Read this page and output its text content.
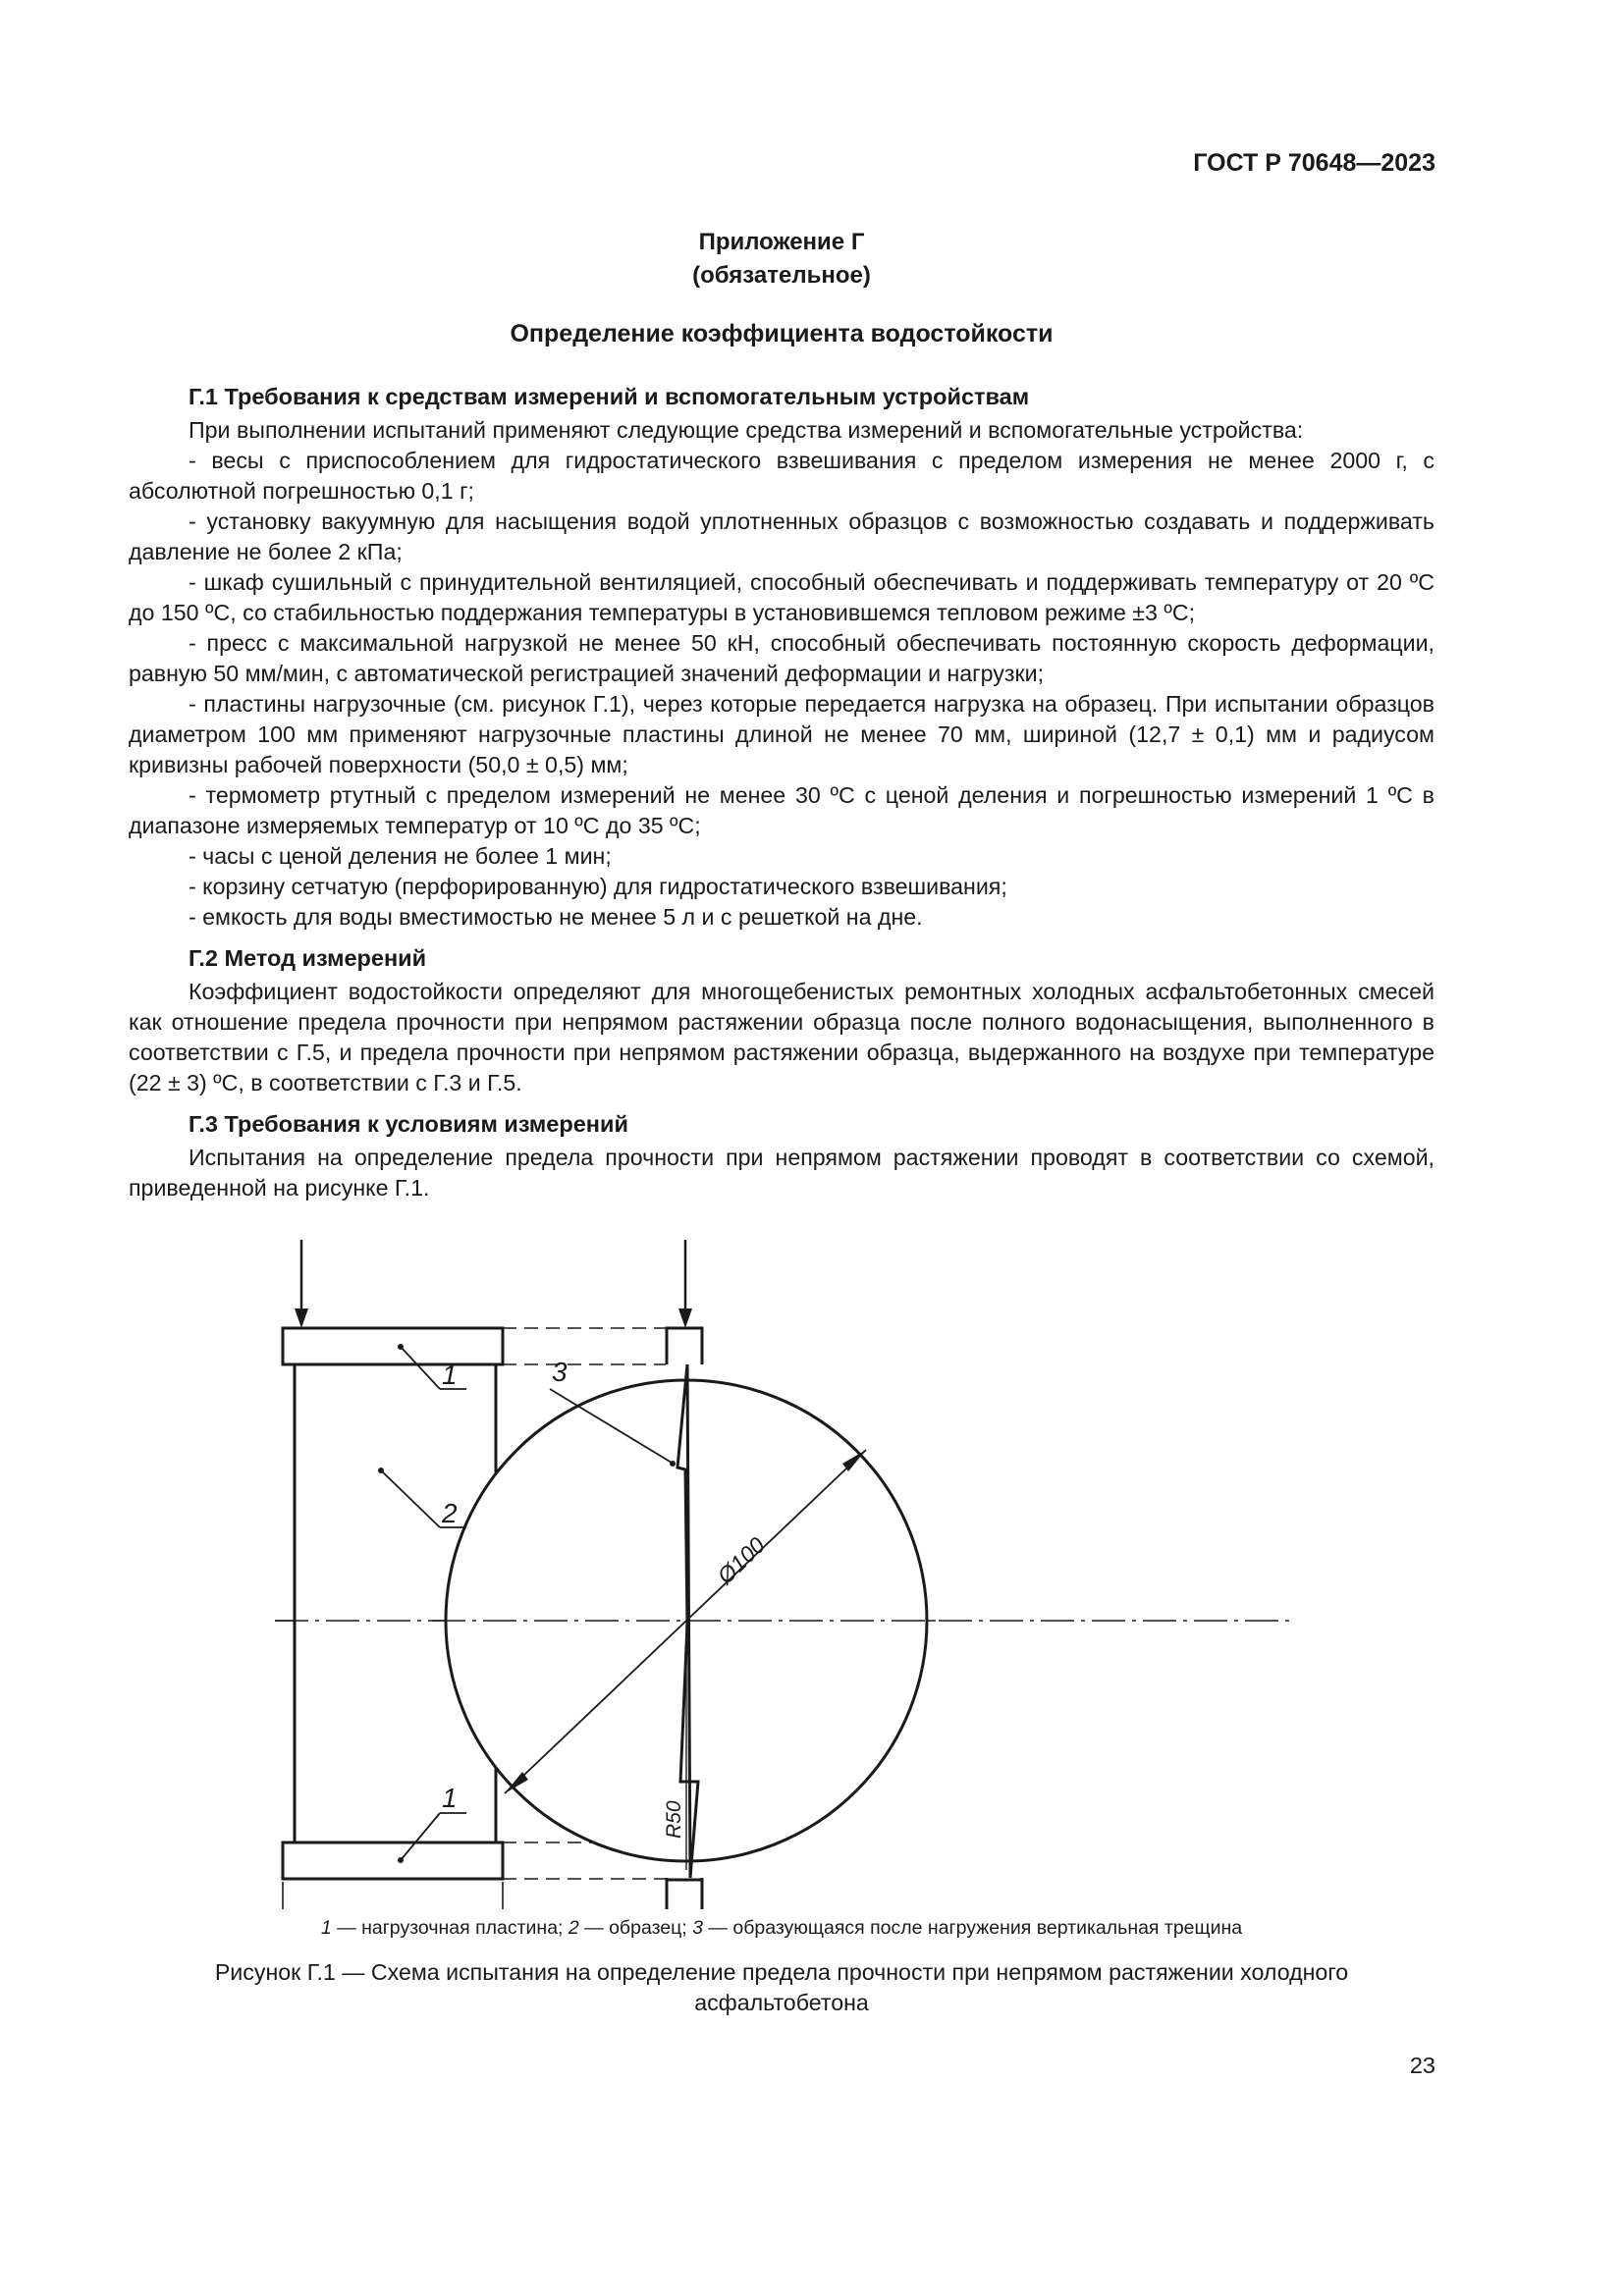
ГОСТ Р 70648—2023
Приложение Г
(обязательное)
Определение коэффициента водостойкости
Г.1 Требования к средствам измерений и вспомогательным устройствам

При выполнении испытаний применяют следующие средства измерений и вспомогательные устройства:

- весы с приспособлением для гидростатического взвешивания с пределом измерения не менее 2000 г, с абсолютной погрешностью 0,1 г;

- установку вакуумную для насыщения водой уплотненных образцов с возможностью создавать и поддерживать давление не более 2 кПа;

- шкаф сушильный с принудительной вентиляцией, способный обеспечивать и поддерживать температуру от 20 ºС до 150 ºС, со стабильностью поддержания температуры в установившемся тепловом режиме ±3 ºС;

- пресс с максимальной нагрузкой не менее 50 кН, способный обеспечивать постоянную скорость деформации, равную 50 мм/мин, с автоматической регистрацией значений деформации и нагрузки;

- пластины нагрузочные (см. рисунок Г.1), через которые передается нагрузка на образец. При испытании образцов диаметром 100 мм применяют нагрузочные пластины длиной не менее 70 мм, шириной (12,7 ± 0,1) мм и радиусом кривизны рабочей поверхности (50,0 ± 0,5) мм;

- термометр ртутный с пределом измерений не менее 30 ºС с ценой деления и погрешностью измерений 1 ºС в диапазоне измеряемых температур от 10 ºС до 35 ºС;

- часы с ценой деления не более 1 мин;

- корзину сетчатую (перфорированную) для гидростатического взвешивания;

- емкость для воды вместимостью не менее 5 л и с решеткой на дне.

Г.2 Метод измерений

Коэффициент водостойкости определяют для многощебенистых ремонтных холодных асфальтобетонных смесей как отношение предела прочности при непрямом растяжении образца после полного водонасыщения, выполненного в соответствии с Г.5, и предела прочности при непрямом растяжении образца, выдержанного на воздухе при температуре (22 ± 3) ºС, в соответствии с Г.3 и Г.5.

Г.3 Требования к условиям измерений

Испытания на определение предела прочности при непрямом растяжении проводят в соответствии со схемой, приведенной на рисунке Г.1.

1
2
1
3
Ø100
R50
1 — нагрузочная пластина; 2 — образец; 3 — образующаяся после нагружения вертикальная трещина
Рисунок Г.1 — Схема испытания на определение предела прочности при непрямом растяжении холодного асфальтобетона
23
